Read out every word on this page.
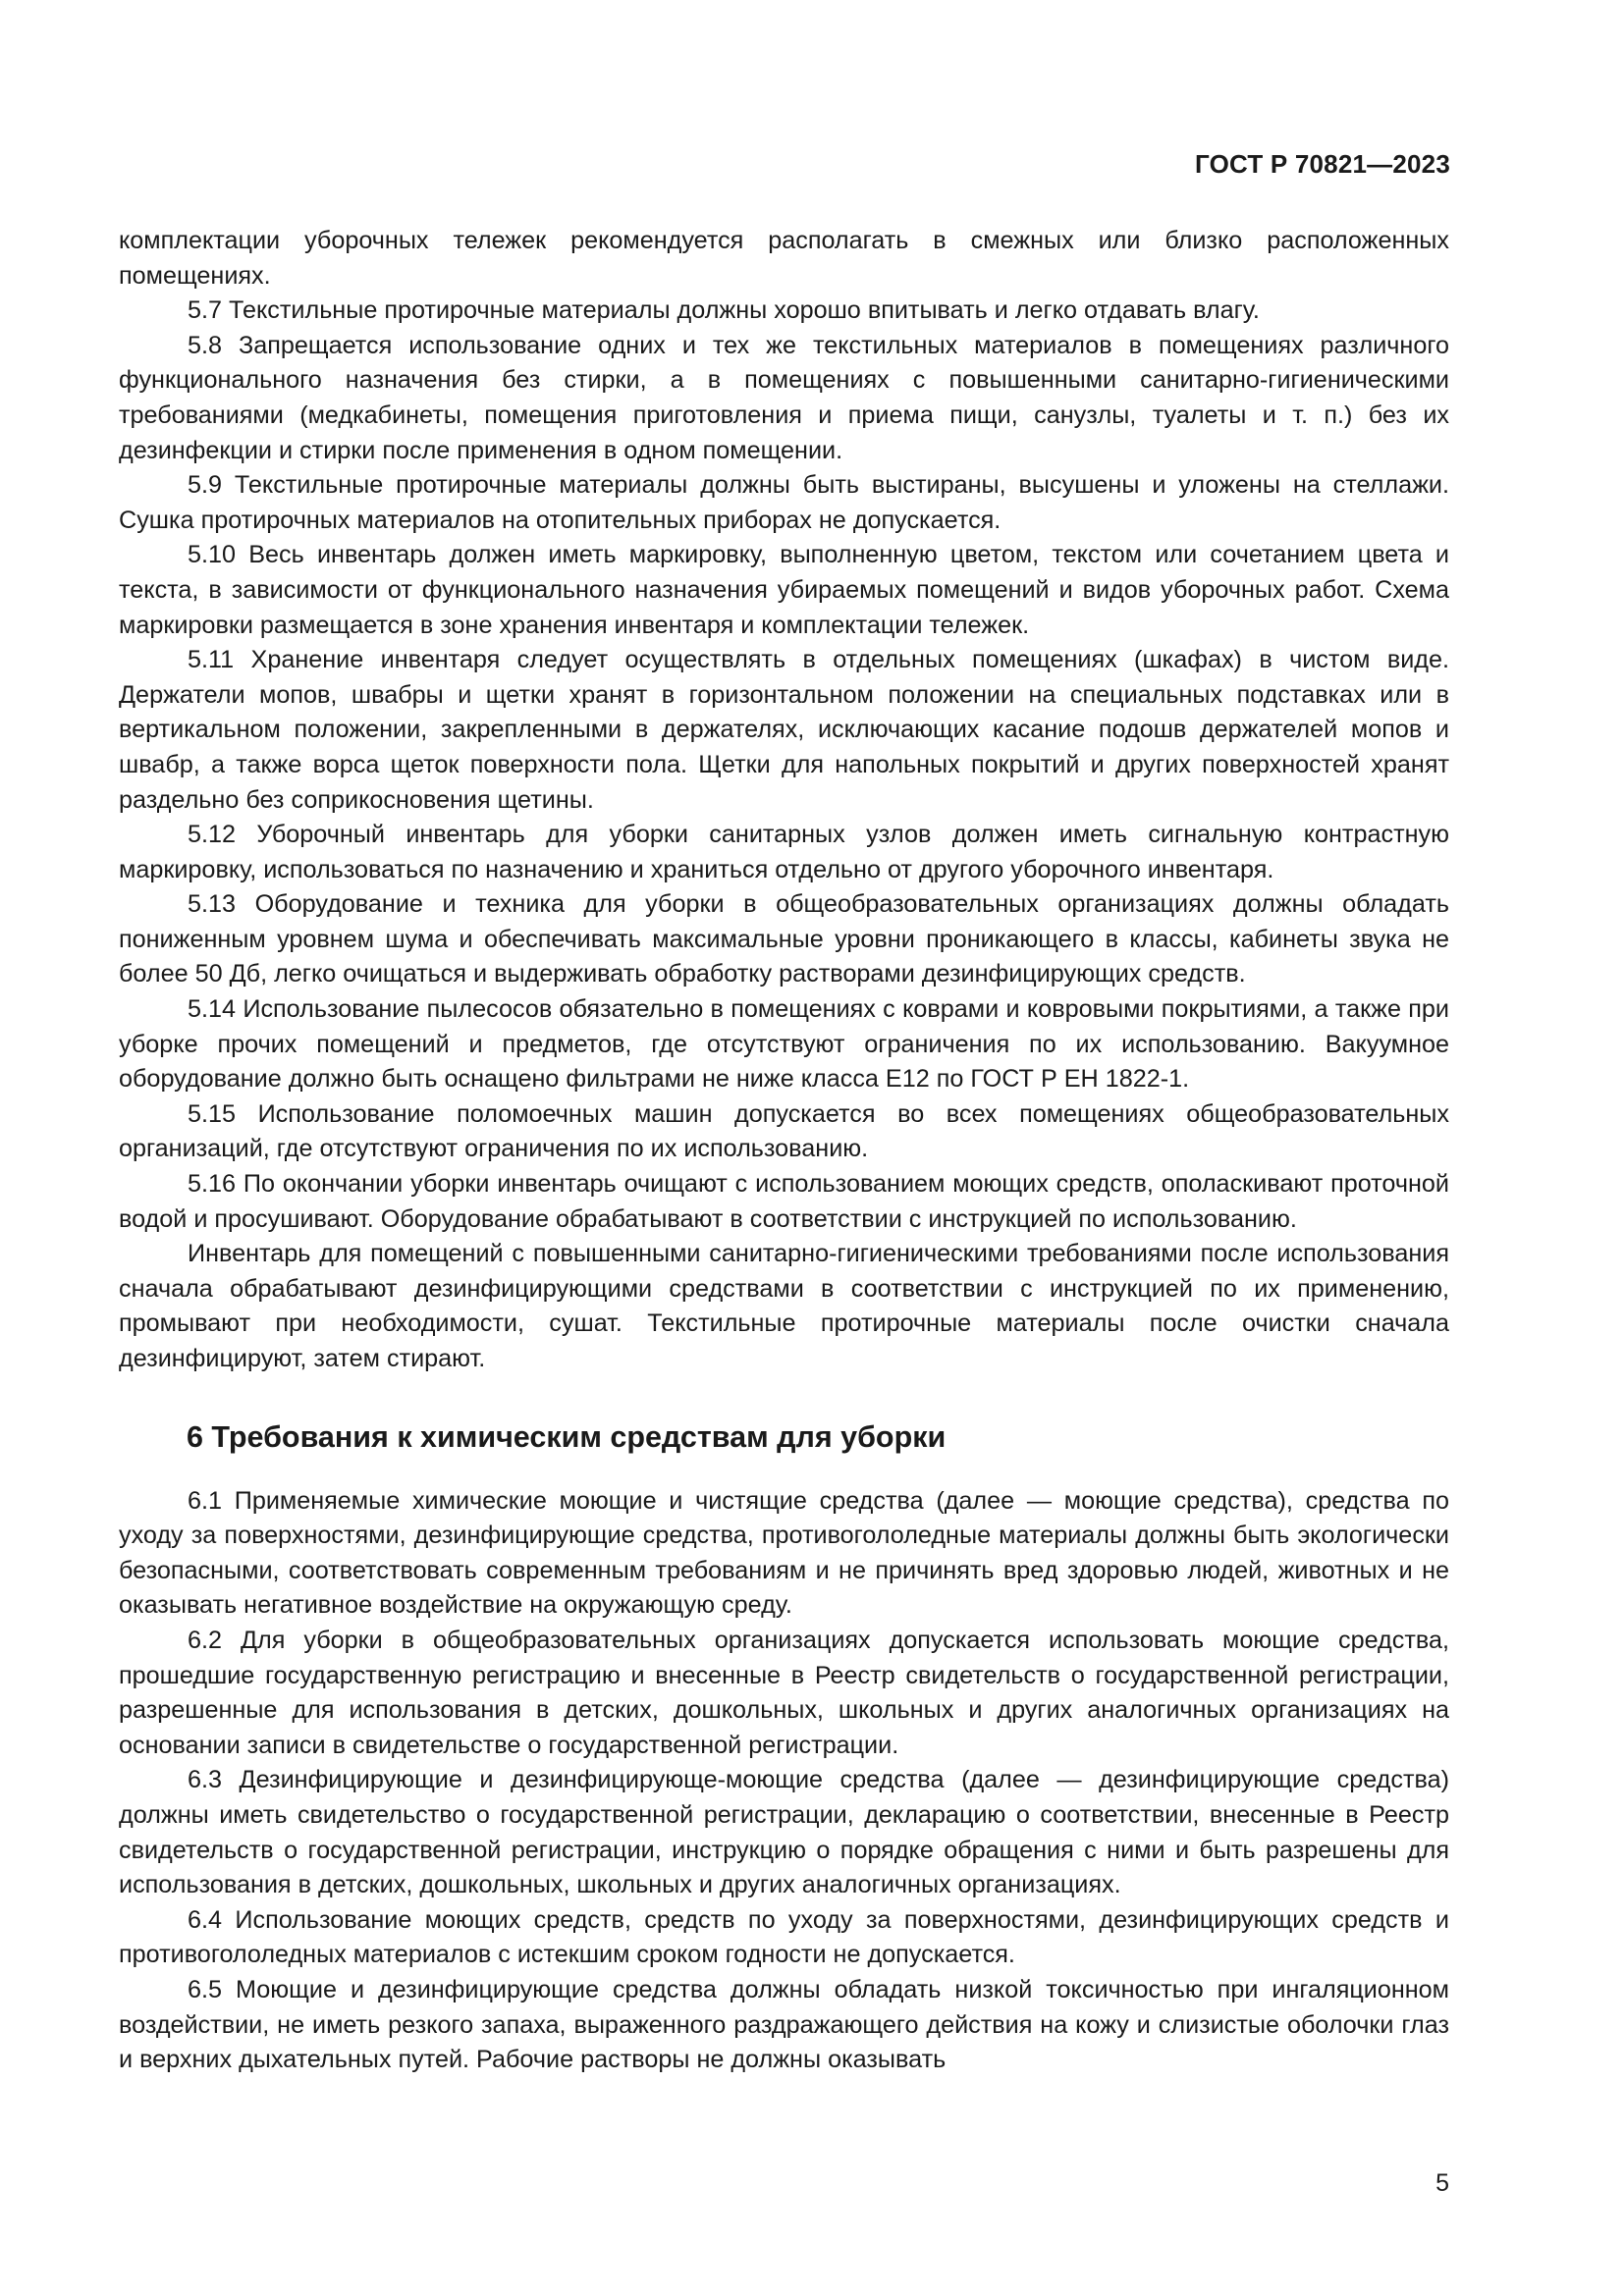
ГОСТ Р 70821—2023

комплектации уборочных тележек рекомендуется располагать в смежных или близко расположенных помещениях.

5.7 Текстильные протирочные материалы должны хорошо впитывать и легко отдавать влагу.

5.8 Запрещается использование одних и тех же текстильных материалов в помещениях различного функционального назначения без стирки, а в помещениях с повышенными санитарно-гигиеническими требованиями (медкабинеты, помещения приготовления и приема пищи, санузлы, туалеты и т. п.) без их дезинфекции и стирки после применения в одном помещении.

5.9 Текстильные протирочные материалы должны быть выстираны, высушены и уложены на стеллажи. Сушка протирочных материалов на отопительных приборах не допускается.

5.10 Весь инвентарь должен иметь маркировку, выполненную цветом, текстом или сочетанием цвета и текста, в зависимости от функционального назначения убираемых помещений и видов уборочных работ. Схема маркировки размещается в зоне хранения инвентаря и комплектации тележек.

5.11 Хранение инвентаря следует осуществлять в отдельных помещениях (шкафах) в чистом виде. Держатели мопов, швабры и щетки хранят в горизонтальном положении на специальных подставках или в вертикальном положении, закрепленными в держателях, исключающих касание подошв держателей мопов и швабр, а также ворса щеток поверхности пола. Щетки для напольных покрытий и других поверхностей хранят раздельно без соприкосновения щетины.

5.12 Уборочный инвентарь для уборки санитарных узлов должен иметь сигнальную контрастную маркировку, использоваться по назначению и храниться отдельно от другого уборочного инвентаря.

5.13 Оборудование и техника для уборки в общеобразовательных организациях должны обладать пониженным уровнем шума и обеспечивать максимальные уровни проникающего в классы, кабинеты звука не более 50 Дб, легко очищаться и выдерживать обработку растворами дезинфицирующих средств.

5.14 Использование пылесосов обязательно в помещениях с коврами и ковровыми покрытиями, а также при уборке прочих помещений и предметов, где отсутствуют ограничения по их использованию. Вакуумное оборудование должно быть оснащено фильтрами не ниже класса Е12 по ГОСТ Р ЕН 1822-1.

5.15 Использование поломоечных машин допускается во всех помещениях общеобразовательных организаций, где отсутствуют ограничения по их использованию.

5.16 По окончании уборки инвентарь очищают с использованием моющих средств, ополаскивают проточной водой и просушивают. Оборудование обрабатывают в соответствии с инструкцией по использованию.

Инвентарь для помещений с повышенными санитарно-гигиеническими требованиями после использования сначала обрабатывают дезинфицирующими средствами в соответствии с инструкцией по их применению, промывают при необходимости, сушат. Текстильные протирочные материалы после очистки сначала дезинфицируют, затем стирают.

6 Требования к химическим средствам для уборки

6.1 Применяемые химические моющие и чистящие средства (далее — моющие средства), средства по уходу за поверхностями, дезинфицирующие средства, противогололедные материалы должны быть экологически безопасными, соответствовать современным требованиям и не причинять вред здоровью людей, животных и не оказывать негативное воздействие на окружающую среду.

6.2 Для уборки в общеобразовательных организациях допускается использовать моющие средства, прошедшие государственную регистрацию и внесенные в Реестр свидетельств о государственной регистрации, разрешенные для использования в детских, дошкольных, школьных и других аналогичных организациях на основании записи в свидетельстве о государственной регистрации.

6.3 Дезинфицирующие и дезинфицирующе-моющие средства (далее — дезинфицирующие средства) должны иметь свидетельство о государственной регистрации, декларацию о соответствии, внесенные в Реестр свидетельств о государственной регистрации, инструкцию о порядке обращения с ними и быть разрешены для использования в детских, дошкольных, школьных и других аналогичных организациях.

6.4 Использование моющих средств, средств по уходу за поверхностями, дезинфицирующих средств и противогололедных материалов с истекшим сроком годности не допускается.

6.5 Моющие и дезинфицирующие средства должны обладать низкой токсичностью при ингаляционном воздействии, не иметь резкого запаха, выраженного раздражающего действия на кожу и слизистые оболочки глаз и верхних дыхательных путей. Рабочие растворы не должны оказывать

5
